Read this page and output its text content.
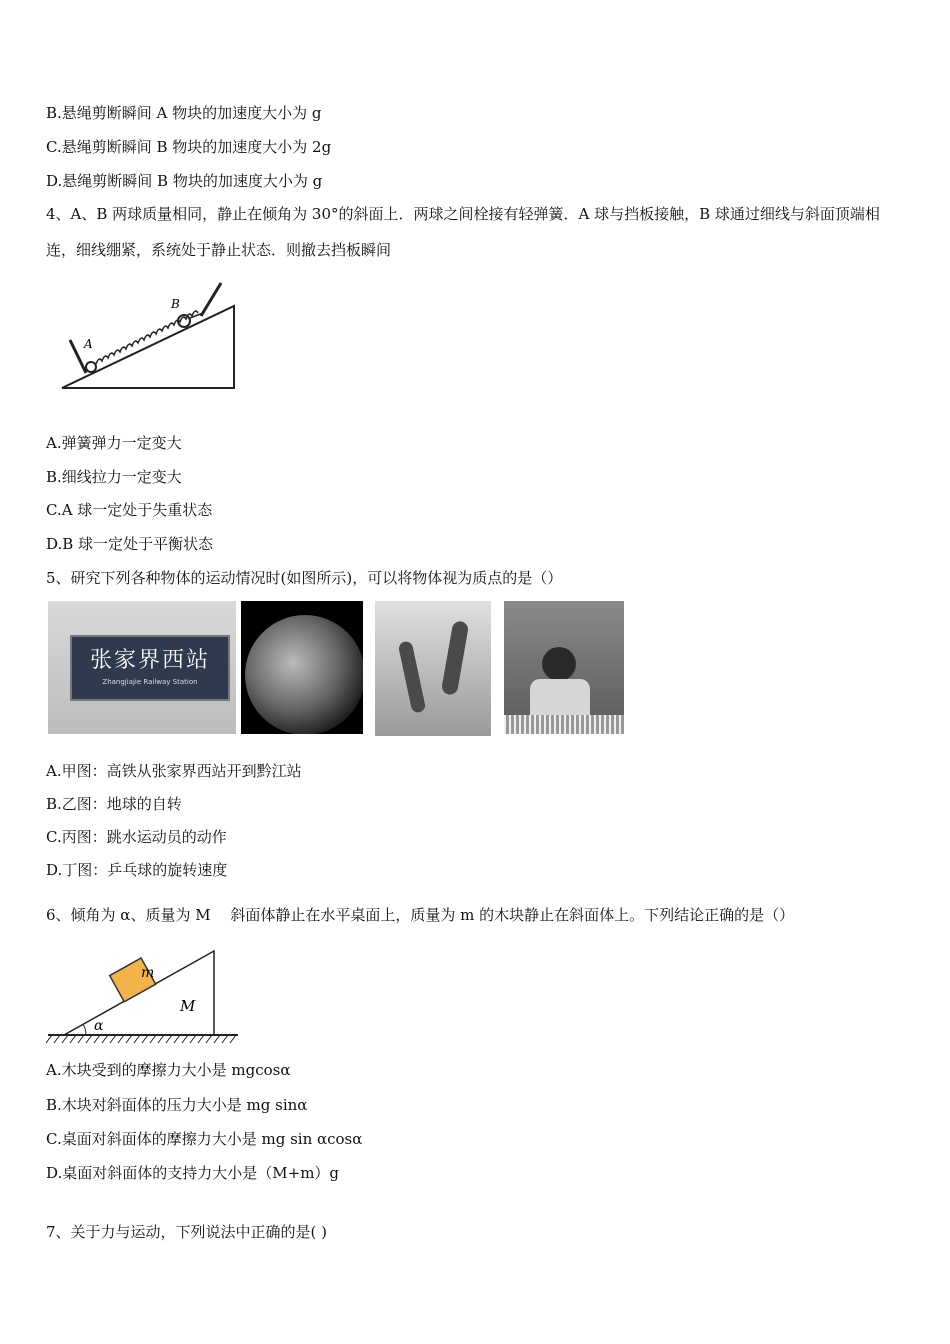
B.悬绳剪断瞬间 A 物块的加速度大小为 g
C.悬绳剪断瞬间 B 物块的加速度大小为 2g
D.悬绳剪断瞬间 B 物块的加速度大小为 g
4、A、B 两球质量相同，静止在倾角为 30°的斜面上．两球之间栓接有轻弹簧．A 球与挡板接触，B 球通过细线与斜面顶端相连，细线绷紧，系统处于静止状态．则撤去挡板瞬间
A
B
A.弹簧弹力一定变大
B.细线拉力一定变大
C.A 球一定处于失重状态
D.B 球一定处于平衡状态
5、研究下列各种物体的运动情况时(如图所示)，可以将物体视为质点的是（）
张家界西站
Zhangjiajie Railway Station
A.甲图：高铁从张家界西站开到黔江站
B.乙图：地球的自转
C.丙图：跳水运动员的动作
D.丁图：乒乓球的旋转速度
6、倾角为 α、质量为 M　 斜面体静止在水平桌面上，质量为 m 的木块静止在斜面体上。下列结论正确的是（）
m
M
α
A.木块受到的摩擦力大小是 mgcosα
B.木块对斜面体的压力大小是 mg sinα
C.桌面对斜面体的摩擦力大小是 mg sin αcosα
D.桌面对斜面体的支持力大小是（M+m）g
7、关于力与运动，下列说法中正确的是( )
